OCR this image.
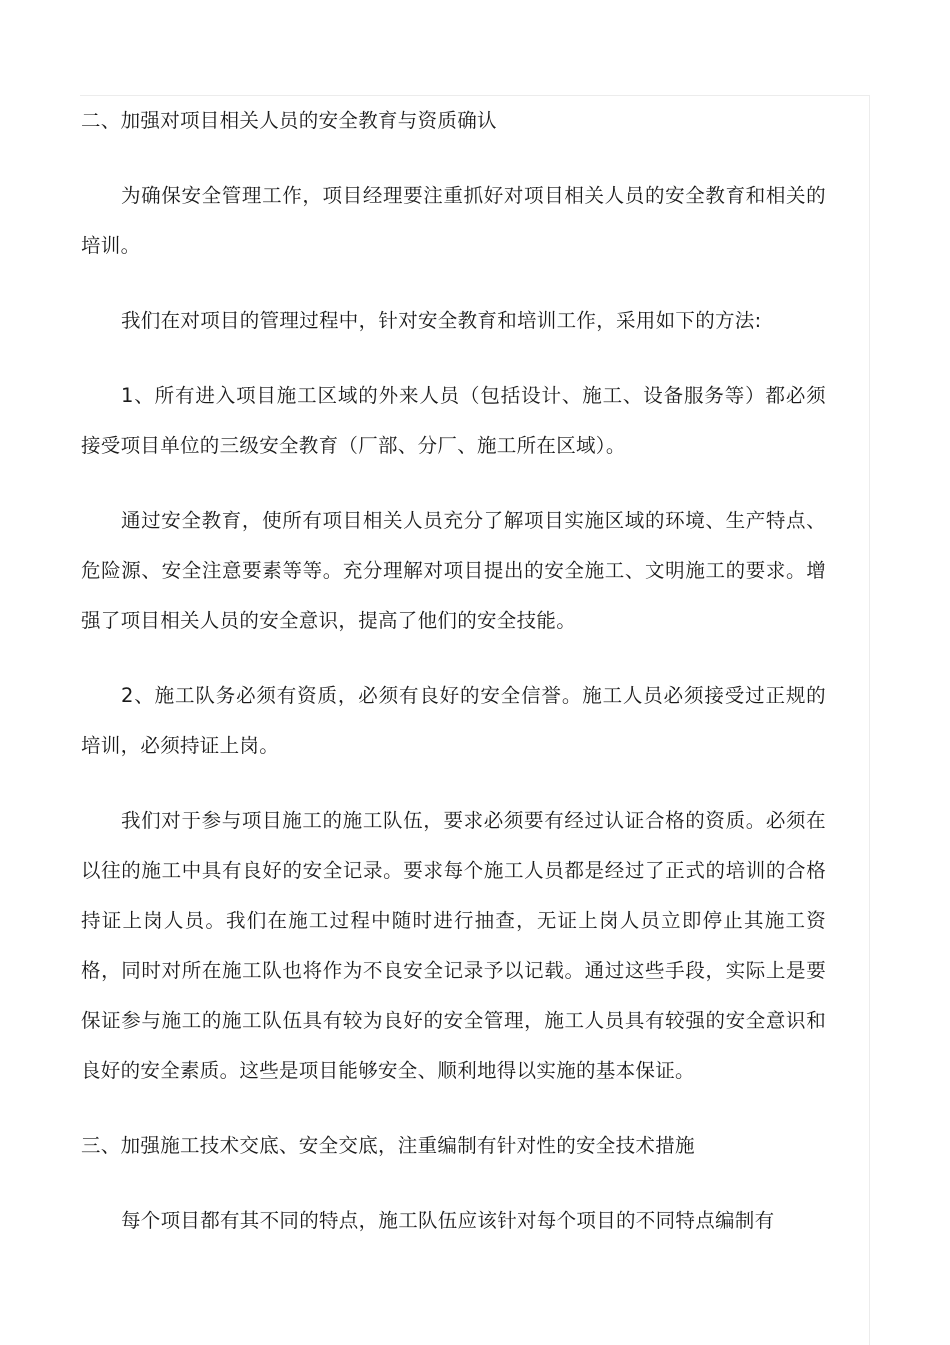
二、加强对项目相关人员的安全教育与资质确认

为确保安全管理工作，项目经理要注重抓好对项目相关人员的安全教育和相关的培训。

我们在对项目的管理过程中，针对安全教育和培训工作，采用如下的方法:

1、所有进入项目施工区域的外来人员（包括设计、施工、设备服务等）都必须接受项目单位的三级安全教育（厂部、分厂、施工所在区域）。

通过安全教育，使所有项目相关人员充分了解项目实施区域的环境、生产特点、危险源、安全注意要素等等。充分理解对项目提出的安全施工、文明施工的要求。增强了项目相关人员的安全意识，提高了他们的安全技能。

2、施工队务必须有资质，必须有良好的安全信誉。施工人员必须接受过正规的培训，必须持证上岗。

我们对于参与项目施工的施工队伍，要求必须要有经过认证合格的资质。必须在以往的施工中具有良好的安全记录。要求每个施工人员都是经过了正式的培训的合格持证上岗人员。我们在施工过程中随时进行抽查，无证上岗人员立即停止其施工资格，同时对所在施工队也将作为不良安全记录予以记载。通过这些手段，实际上是要保证参与施工的施工队伍具有较为良好的安全管理，施工人员具有较强的安全意识和良好的安全素质。这些是项目能够安全、顺利地得以实施的基本保证。

三、加强施工技术交底、安全交底，注重编制有针对性的安全技术措施

每个项目都有其不同的特点，施工队伍应该针对每个项目的不同特点编制有
